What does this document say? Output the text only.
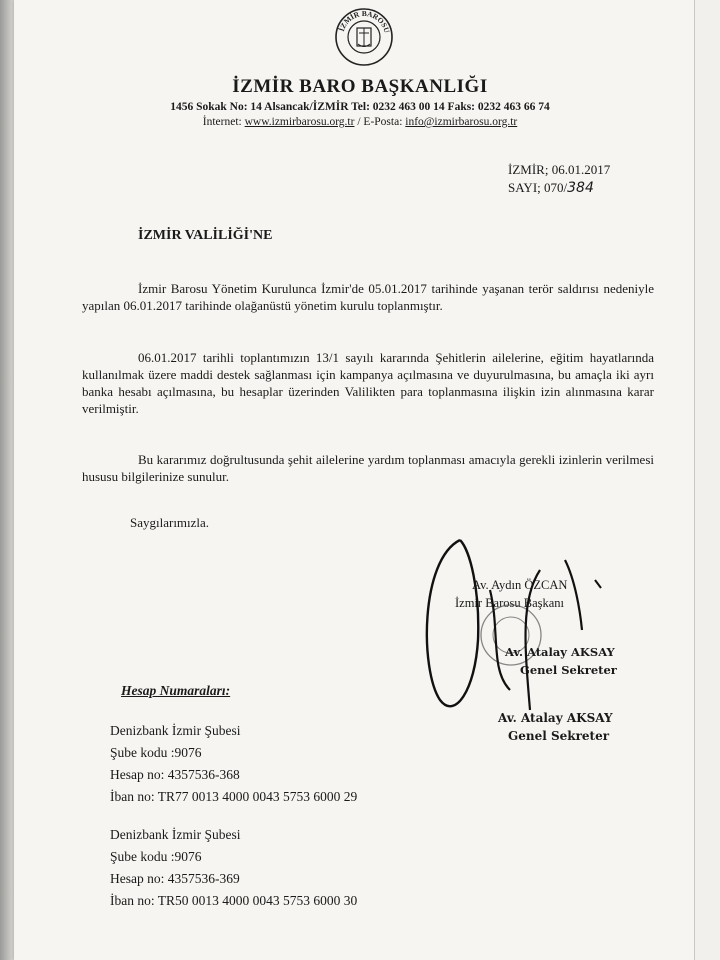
İZMİR BAROSU
İZMİR BARO BAŞKANLIĞI
1456 Sokak No: 14 Alsancak/İZMİR Tel: 0232 463 00 14 Faks: 0232 463 66 74
İnternet: www.izmirbarosu.org.tr / E-Posta: info@izmirbarosu.org.tr
İZMİR; 06.01.2017
SAYI; 070/384
İZMİR VALİLİĞİ'NE
İzmir Barosu Yönetim Kurulunca İzmir'de 05.01.2017 tarihinde yaşanan terör saldırısı nedeniyle yapılan 06.01.2017 tarihinde olağanüstü yönetim kurulu toplanmıştır.
06.01.2017 tarihli toplantımızın 13/1 sayılı kararında Şehitlerin ailelerine, eğitim hayatlarında kullanılmak üzere maddi destek sağlanması için kampanya açılmasına ve duyurulmasına, bu amaçla iki ayrı banka hesabı açılmasına, bu hesaplar üzerinden Valilikten para toplanmasına ilişkin izin alınmasına karar verilmiştir.
Bu kararımız doğrultusunda şehit ailelerine yardım toplanması amacıyla gerekli izinlerin verilmesi hususu bilgilerinize sunulur.
Saygılarımızla.
Av. Aydın ÖZCAN
İzmir Barosu Başkanı
Av. Atalay AKSAY
Genel Sekreter
Av. Atalay AKSAY
Genel Sekreter
Hesap Numaraları:
Denizbank İzmir Şubesi
Şube kodu :9076
Hesap no: 4357536-368
İban no: TR77 0013 4000 0043 5753 6000 29
Denizbank İzmir Şubesi
Şube kodu :9076
Hesap no: 4357536-369
İban no: TR50 0013 4000 0043 5753 6000 30
